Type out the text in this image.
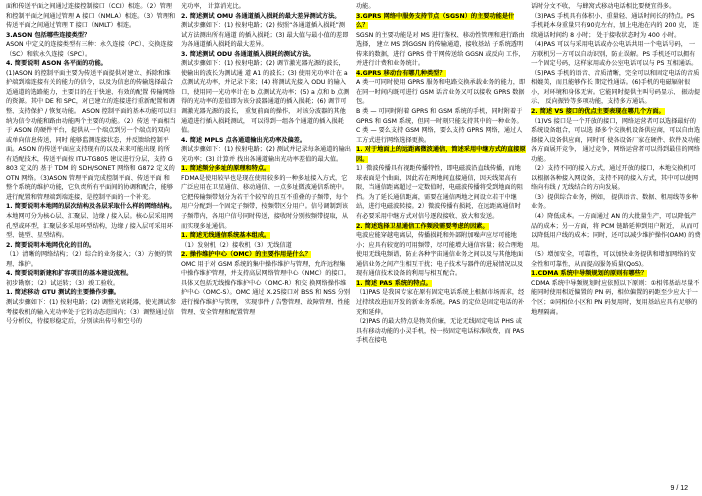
面和传送平面之间通过连接控制接口（CCI）相连。（2）管理和控制平面之间通过管理 A 接口（NMLA）相连。（3）管理和传送平面之间通过管理 T 接口（NMLT）相连。

3.ASON 包括哪些连接类型？

ASON 中定义的连接类型有三种：永久连接（PC）、交换连接（SC）和软永久连接（SPC）。

4. 简要说明 ASON 各平面的功能。

(1)ASON 的控制平面主要为传送平面提供对建立、拆除和维护端到端连接有关的能力的信令，以及为信息的传输选择最合适通道的选路能力，主要目的在于快速、有效的配置 传输网络的资源。其中 DE 和 SPC，对已建立的连接进行重新配置和调整、支持保护 / 恢复功能。 ASON 控制平面的基本功能可以归纳为信令功能和路由功能两个主要的功能。（2）传送 平面相当于 ASON 的硬件平台，提供从一个端点到另一个端点的双向或单向信息传送，同时 能够监测连接状态，并反馈给控制平面。ASON 的传送平面应支持现有的以及未来可能出现 的所有适配技术，传送平面按 ITU-TG805 建议进行分层，支持 G803 定义的 基于 TDM 的 SDH/SONET 网络和 G872 定义的 OTN 网络。（3)ASON 管理平面完成控制平面、传送平面 和整个系统的维护功能，它负责所有平面间的协调和配合，能够进行配置和管理端到端连接，是控制平面的一个补充。

1. 简要说明本地网的层次结构及各层采取什么样的网络结构。

本地网可分为核心层、汇聚层、边缘 / 接入层。核心层采用网孔型或环型，汇聚层多采用环型结构，边缘 / 接入层可采用环型、链型、星型结构。

2. 简要说明本地网优化的目的。

（1）清晰的网络结构；（2）综合的业务接入；（3）方便的管理、维护。

4. 简要说明新建和扩容项目的基本建设流程。

初步勘察；（2）试运转；（3）竣工验收。

1. 简述移动 GTU 测试的主要操作步骤。

测试步骤如下：(1) 按射电路；(2) 调整光衰耗器，使光测试参考接收机的输入光功率处于它的动态范围内；（3）调整通过信号分析仪，待接形稳定后，分别读出传号和空号的

光功率， 计算消光比。

2. 简述测试 OMU 各通道插入损耗的最大差异测试方法。

测试步骤如下：(1) 按射电路；(2) 按照“各通道插入损耗”测试方法测出所有通道 的插入损耗；(3) 最大值与最小值的差即为各通道插入损耗的最大差异。

3. 简述测试 ODU 各通道插入损耗的测试方法。

测试步骤如下：(1) 按射电路；(2) 调节激光器光源的波长， 使输出的波长为测试通 道 A1 的波长；(3) 使用光功率计在 a 点测试光功率，并记录下来；(4) 将测试光接入 ODU 的输入口，使用同一光功率计在 b 点测试光功率；(5) a 点和 b 点测得的光功率的差值即为该分波器通道的插入损耗；(6) 调节可调激光器光源的波长， 重复前面的操作， 对该分波器的其他通道进行插入损耗测试， 可以得到一组各个通道的插入损耗值。

4. 简述 MPLS 点各通道输出光功率及偏差。

测试步骤如下：(1) 按射电路；(2) 测试并记录每条通道的输出光功率；(3) 计算并 找出各通道输出光功率差值的最大值。

1. 简述频分多址的原理和特点。

FDMA是使用较早也是现在使用较多的一种多址接入方式，它广泛应用在卫星通信、移动通信、一点多址微波通信系统中。它把传输频带划分为若干个较窄的且互不重叠的子频带，每个用户分配到一个固定子频带，按频带区分用户。信号调制到该子频带内，各用户信号同时传送，接收时分别按频带提取，从而实现多址通信。

1. 简述无线通信系统基本组成。

（1）发射机（2）接收机（3）无线信道

2. 操作维护中心（OMC）的主要作用是什么？

OMC 用于对 GSM 系统的集中操作维护与管理，允许远程集中操作维护管理，并支持高层网络管理中心（NMC）的接口。具体又包括无线操作维护中心（OMC-R）和交 换网络操作维护中心（OMC-S）。OMC 通过 X.25接口对 BSS 和 NSS 分别进行操作维护与管理， 实现事件 / 告警管理、故障管理、性能管理、安全管理和配置管理

功能。

3.GPRS 网络中服务支持节点（SGSN）的主要功能是什么？

SGSN 的主要功能是对 MS 进行鉴权、移动性管理和进行路由选择， 建立 MS 到GGSN 的传输通道，接收基站 子系统透明传来的数据，进行 GPRS 骨干网传送给 GGSN 或反向 工作，并进行计费和业务统计。

4.GPRS 移动台有哪几种类型？

A 类一可同时使用 GPRS 服务和电路交换承载业务的能力，即在同一时间内既可进行 GSM 话音业务又可以接收 GPRS 数据包。

B 类 — 可同时附着 GPRS 和 GSM 系统的手机，同时附着于 GPRS 和 GSM 系统，但同一时刻只能支持其中的一种业务。

C 类 — 要么支持 GSM 网络，要么支持 GPRS 网络，通过人工方式进行网络选择更换。

1. 对于地面上的远距离微波通信，简述采用中继方式的直接原因。

1）微波传播具有视距传播特性，即电磁波沿直线传播，而地球表面是个曲面，因此若在两地间直接通信，因天线架高有限，当通信距离超过一定数值时，电磁波传播将受到地面的阻挡。为了延长通信距离，需要在通信两地之间设立若干中继站，进行电磁波转接。2）微波传播有损耗，在远距离通信时有必要采用中继方式对信号逐段接收、放大和发送。

2. 简述选择卫星通信工作频段需要考虑的因素。

电波应能穿越电离层，传播损耗和外部附加噪声应尽可能地小；应具有较宽的可用频带，尽可能增大通信容量；较合理地使用无线电频谱，防止各种宇宙通信业务之间以及与其他地面通信业务之间产生相互干扰；电子技术与器件的进展情况以及现有通信技术设备的利用与相互配合。

1. 简述 PAS 系统的特点。

（1)PAS 是我国专家在原有固定电话系统上根据市场需求，经过持续改进而开发的新业务系统。PAS 的定位是固定电话的补充和延伸。

（2)PAS 的最大特点是物美价廉，无论无线固定电话 PHS 或具有移动功能的小灵手机，按一按固定电话标准收费，而 PAS 手机在接电

话时分文不收， 与蜂窝式移动电话相比要便宜得多。

（3)PAS 手机具有体积小、重量轻、通话时间长的特点。PS 手机耗本身重量只有90克左右，加上电池在内的 200 克， 连续通话时间约 8 小时； 处于接收状态时为 400 小时。

（4)PAS 可以与采用电话或办公电话共用一个电话号码， 一方联机另一方可以自动识别，防止误解。PS 手机还可以拥有一个固定号码，这样家用或办公室电话可以与 PS 互相通话。

（5)PAS 手机的语音、音质清晰，完全可以和固定电话的音质相媲美，而且能够作长 期定性通话。(6)手机的电磁辐射很小，对环境和身体无害。它能同时提供主叫号码显示、 振动提示、 反向振铃等多项功能，支持多方通话。

2. 简述 VS 接口的优点主要表现在哪几个方面。

（1)VS 接口是一个开放的接口，网络运营者可以选择最好的系统设备组合，可以选 择多个交换机设备供应商，可以自由选择接入设备供应商，同时可 使各设备厂家在硬件、软件及功能各方面展开竞争， 通过竞争，网络运营者可以得到最佳的网络功能。

（2）支持不同的接入方式，通过开放的接口，本地交换机可以根据各种接入网设备，支持不同的接入方式，其中可以使网络向有线 / 无线结合的方向发展。

（3）提供综合业务，例如， 提供语音、数据、租用线等多种业务。

（4）降低成本。一方面通过 AN 的大批量生产，可以降低产品的成本；另一方面，将 PCM 链路延伸到用户附近， 从而可以降低用户线的成本；同时，还可以减少维护操作(OAM) 的费用。

（5）增加安全，可靠性，可以加快业务提供和增加网络的安全性和可靠性，从而提高服务质量(QoS)。

1.CDMA 系统中导频规划的原则有哪些？

CDMA 系统中导频规划时应依照以下原则：①相邻基站尽量不能同时使用相近偏置的 PN 码，相位偏置的码距至少应大于一个区；②同相位小区和 PN 码复用时，复用基站应具有足够的地理隔离。

9 / 12
